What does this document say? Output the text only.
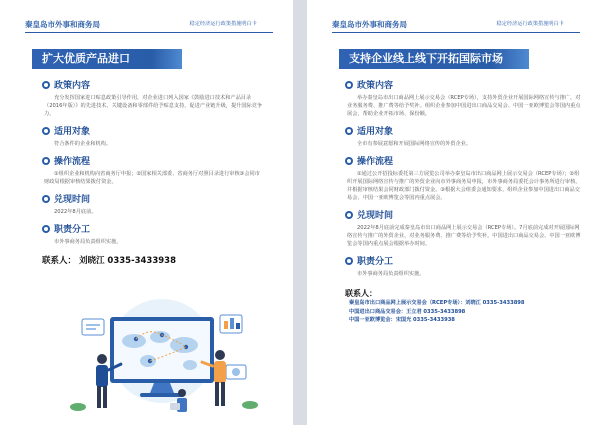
秦皇岛市外事和商务局	稳定经济运行政策措施明白卡
扩大优质产品进口
政策内容

充分发挥国家进口贴息政策引导作用，对企业进口列入国家《鼓励进口技术和产品目录（2016年版）》的先进技术、关键设备和零部件给予贴息支持，促进产业链升级，提升国际竞争力。

适用对象

符合条件的企业和机构。

操作流程

①组织企业和机构向省商务厅申报；②国家相关部委、省商务厅对照目录进行审核③会同市财政局根据审核结果拨付资金。

兑现时间

2022年8月底前。

职责分工

市外事商务局负责组织实施。

联系人： 刘晓江 0335-3433938
秦皇岛市外事和商务局	稳定经济运行政策措施明白卡
支持企业线上线下开拓国际市场
政策内容

举办秦皇岛市出口商品网上展示交易会（RCEP专场），支持外贸企业开展国际网络宣传与推广，对业务服务费、推广费等给予奖补。组织企业参加中国进出口商品交易会、中国一亚欧博览会等国内重点展会，帮助企业开拓市场、保份额。

适用对象

全市有参展意愿和开展国际网络宣传的外贸企业。

操作流程

①通过公开招投标委托第三方展览公司举办秦皇岛市出口商品网上展示交易会（RCEP专场）；②组织开展国际网络宣传与推广的外贸企业向市外事商务局申报，市外事商务局委托会计事务所进行审核，并根据审核结果会同财政部门拨付资金。③根据大会组委会通知要求，组织企业参加中国进出口商品交易会、中国一亚欧博览会等国内重点展会。

兑现时间

2022年8月底前完成秦皇岛市出口商品网上展示交易会（RCEP专场）。7月底前完成对开展国际网络宣传与推广的外贸企业，对业务服务费、推广费等给予奖补。中国进出口商品交易会、中国一亚欧博览会等国内重点展会根据举办时间。

职责分工

市外事商务局负责组织实施。

联系人：
秦皇岛市出口商品网上展示交易会（RCEP专场）：刘晓江 0335-3433898
中国进出口商品交易会：王立君 0335-3433898
中国一亚欧博览会：宋国光 0335-3433938
